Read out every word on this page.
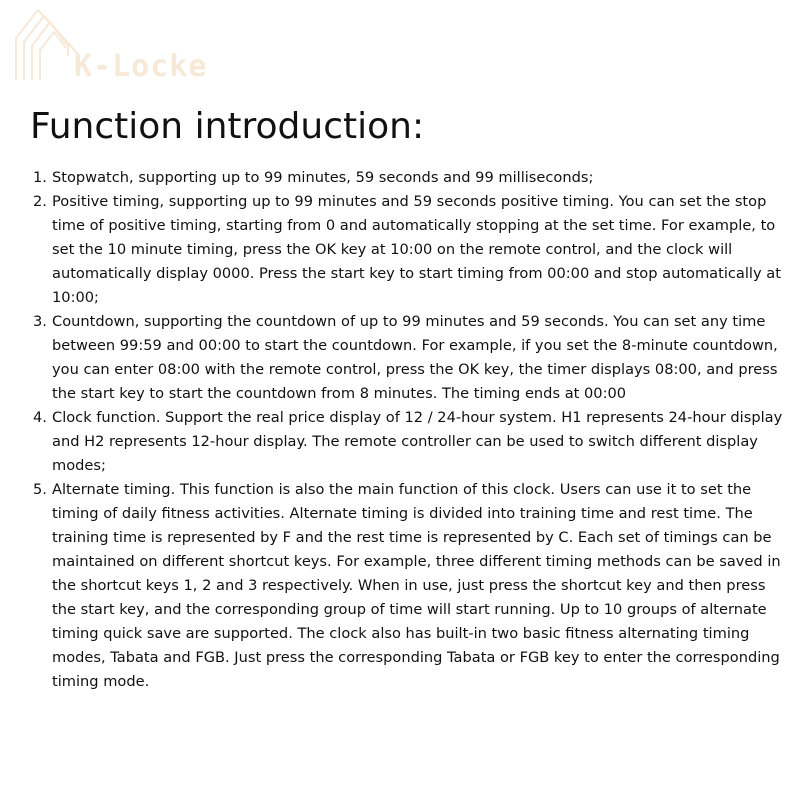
K-Locke
Function introduction:
1. Stopwatch, supporting up to 99 minutes, 59 seconds and 99 milliseconds;
2. Positive timing, supporting up to 99 minutes and 59 seconds positive timing. You can set the stop time of positive timing, starting from 0 and automatically stopping at the set time. For example, to set the 10 minute timing, press the OK key at 10:00 on the remote control, and the clock will automatically display 0000. Press the start key to start timing from 00:00 and stop automatically at 10:00;
3. Countdown, supporting the countdown of up to 99 minutes and 59 seconds. You can set any time between 99:59 and 00:00 to start the countdown. For example, if you set the 8-minute countdown, you can enter 08:00 with the remote control, press the OK key, the timer displays 08:00, and press the start key to start the countdown from 8 minutes. The timing ends at 00:00
4. Clock function. Support the real price display of 12 / 24-hour system. H1 represents 24-hour display and H2 represents 12-hour display. The remote controller can be used to switch different display modes;
5. Alternate timing. This function is also the main function of this clock. Users can use it to set the timing of daily fitness activities. Alternate timing is divided into training time and rest time. The training time is represented by F and the rest time is represented by C. Each set of timings can be maintained on different shortcut keys. For example, three different timing methods can be saved in the shortcut keys 1, 2 and 3 respectively. When in use, just press the shortcut key and then press the start key, and the corresponding group of time will start running. Up to 10 groups of alternate timing quick save are supported. The clock also has built-in two basic fitness alternating timing modes, Tabata and FGB. Just press the corresponding Tabata or FGB key to enter the corresponding timing mode.
